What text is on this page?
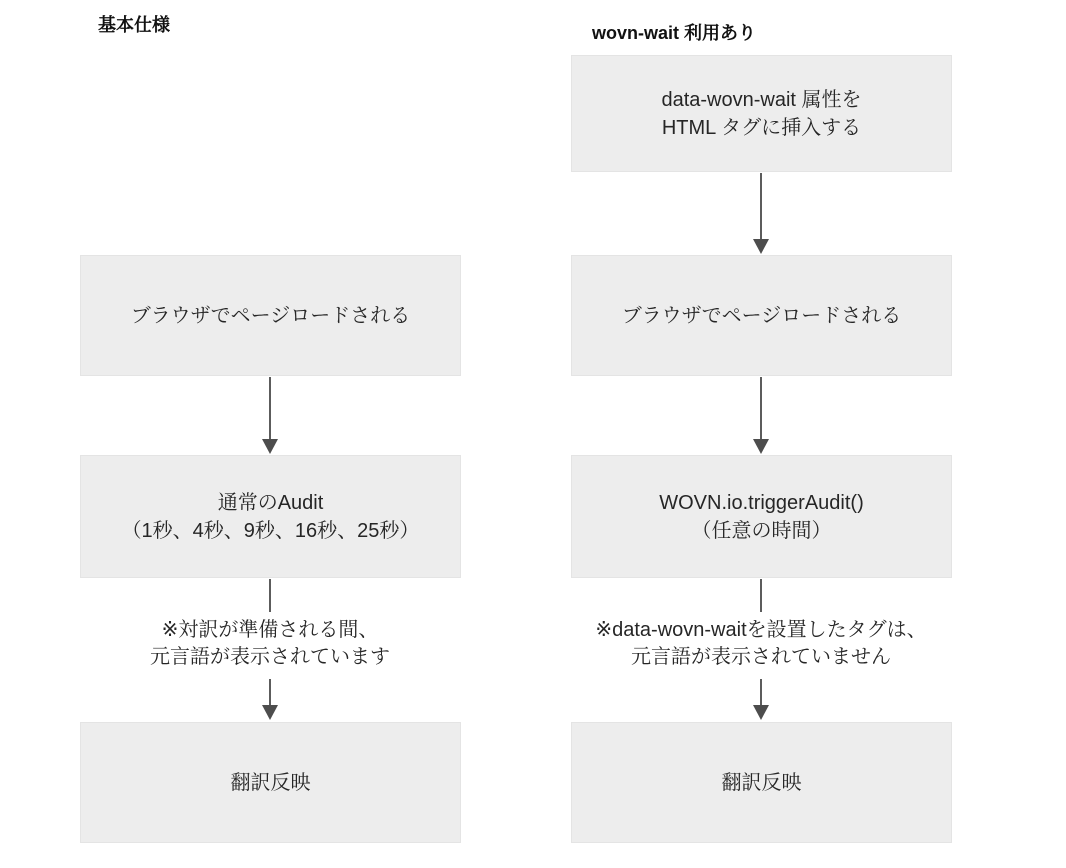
基本仕様	wovn-wait 利用あり
ブラウザでページロードされる
通常のAudit
（1秒、4秒、9秒、16秒、25秒）
※対訳が準備される間、
元言語が表示されています
翻訳反映
data-wovn-wait 属性を
HTML タグに挿入する
ブラウザでページロードされる
WOVN.io.triggerAudit()
（任意の時間）
※data-wovn-waitを設置したタグは、
元言語が表示されていません
翻訳反映
